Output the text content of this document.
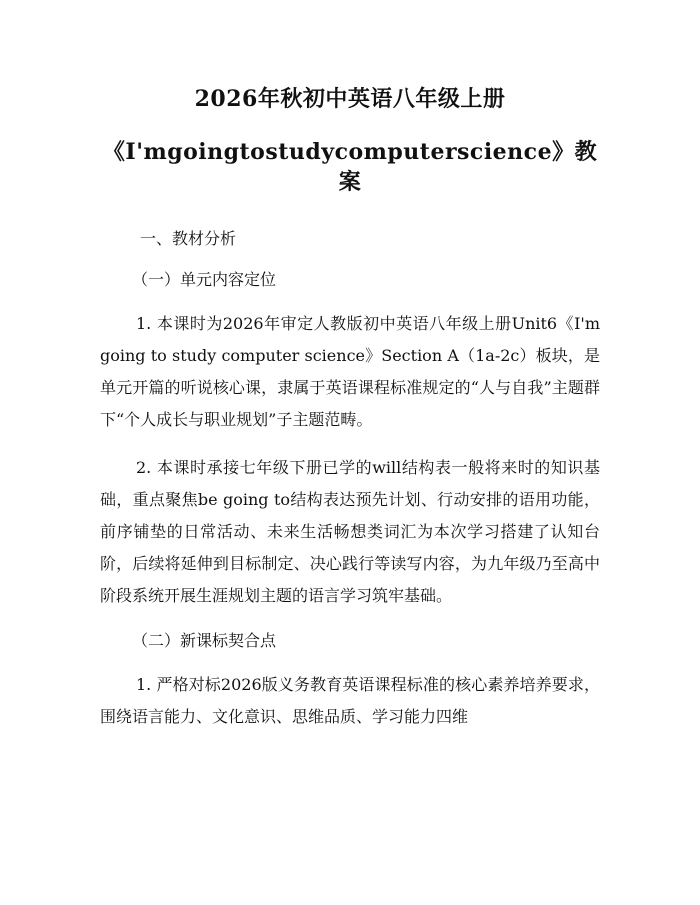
2026年秋初中英语八年级上册
《I'mgoingtostudycomputerscience》教案
一、教材分析
（一）单元内容定位

1. 本课时为2026年审定人教版初中英语八年级上册Unit6《I'm going to study computer science》Section A（1a-2c）板块，是单元开篇的听说核心课，隶属于英语课程标准规定的“人与自我”主题群下“个人成长与职业规划”子主题范畴。

2. 本课时承接七年级下册已学的will结构表一般将来时的知识基础，重点聚焦be going to结构表达预先计划、行动安排的语用功能，前序铺垫的日常活动、未来生活畅想类词汇为本次学习搭建了认知台阶，后续将延伸到目标制定、决心践行等读写内容，为九年级乃至高中阶段系统开展生涯规划主题的语言学习筑牢基础。

（二）新课标契合点

1. 严格对标2026版义务教育英语课程标准的核心素养培养要求，围绕语言能力、文化意识、思维品质、学习能力四维
